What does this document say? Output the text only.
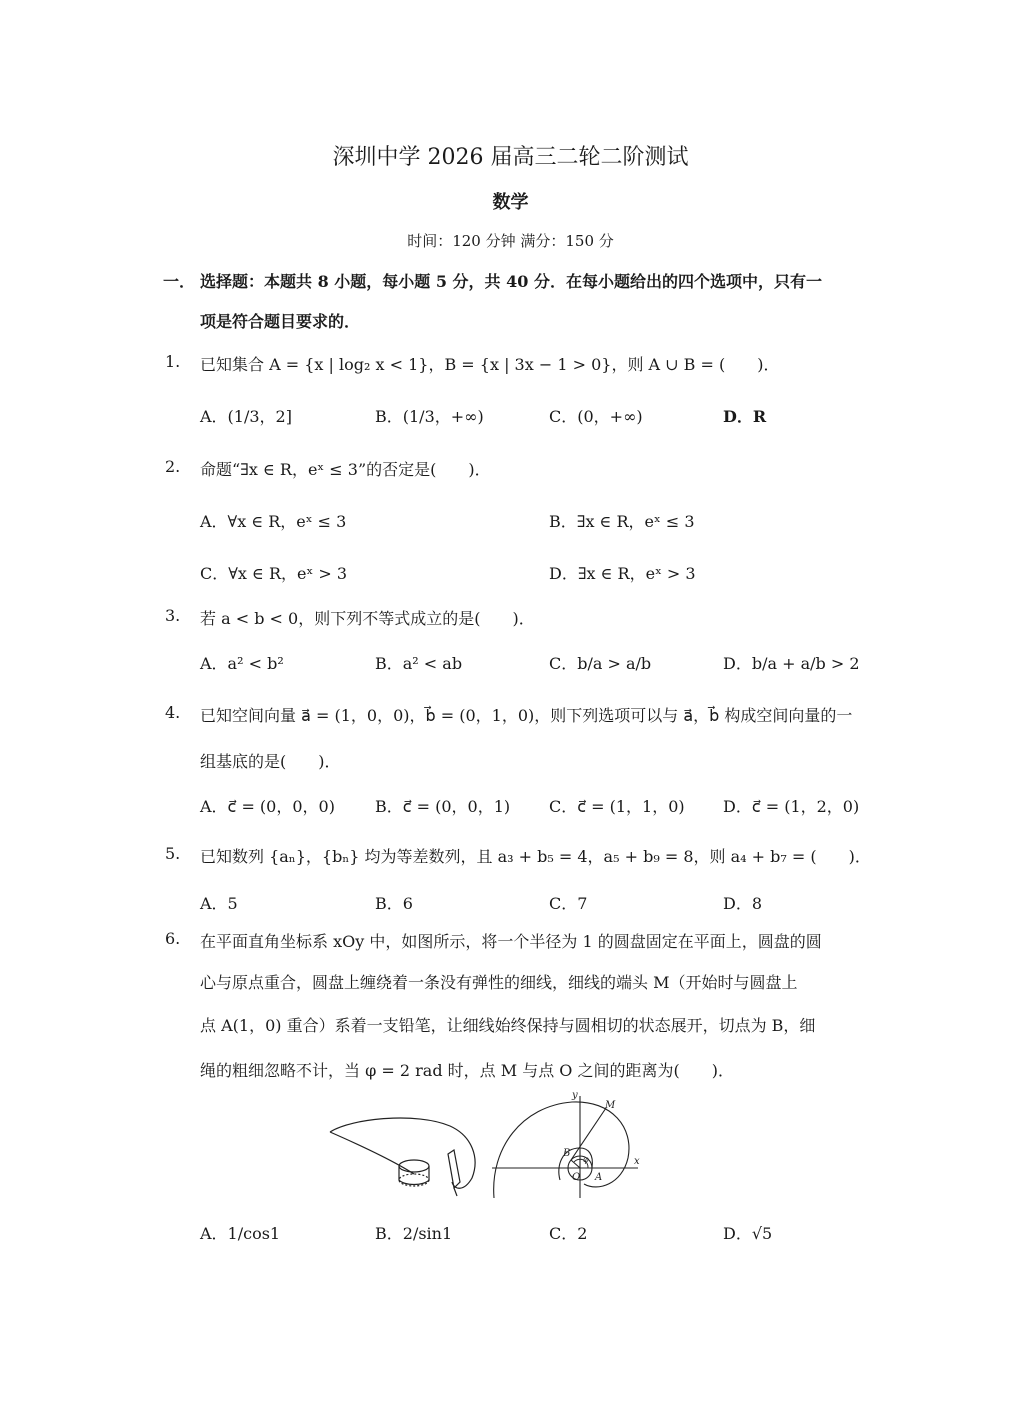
深圳中学 2026 届高三二轮二阶测试
数学
时间：120 分钟 满分：150 分
一． 选择题：本题共 8 小题，每小题 5 分，共 40 分．在每小题给出的四个选项中，只有一
项是符合题目要求的．
1. 已知集合 A = {x | log₂ x < 1}，B = {x | 3x − 1 > 0}，则 A ∪ B = (　　)．
A．(1/3，2]	B．(1/3，+∞)	C．(0，+∞)	D．R
2. 命题“∃x ∈ R，eˣ ≤ 3”的否定是(　　)．
A．∀x ∈ R，eˣ ≤ 3	B．∃x ∈ R，eˣ ≤ 3
C．∀x ∈ R，eˣ > 3	D．∃x ∈ R，eˣ > 3
3. 若 a < b < 0，则下列不等式成立的是(　　)．
A．a² < b²	B．a² < ab	C．b/a > a/b	D．b/a + a/b > 2
4. 已知空间向量 a⃗ = (1，0，0)，b⃗ = (0，1，0)，则下列选项可以与 a⃗，b⃗ 构成空间向量的一
组基底的是(　　)．
A．c⃗ = (0，0，0)	B．c⃗ = (0，0，1) C．c⃗ = (1，1，0) D．c⃗ = (1，2，0)
5. 已知数列 {aₙ}，{bₙ} 均为等差数列，且 a₃ + b₅ = 4，a₅ + b₉ = 8，则 a₄ + b₇ = (　　)．
A．5	B．6	C．7	D．8
6. 在平面直角坐标系 xOy 中，如图所示，将一个半径为 1 的圆盘固定在平面上，圆盘的圆
心与原点重合，圆盘上缠绕着一条没有弹性的细线，细线的端头 M（开始时与圆盘上
点 A(1，0) 重合）系着一支铅笔，让细线始终保持与圆相切的状态展开，切点为 B，细
绳的粗细忽略不计，当 φ = 2 rad 时，点 M 与点 O 之间的距离为(　　)．
y
x
M
B
O A
φ
A．1/cos1	B．2/sin1	C．2	D．√5
